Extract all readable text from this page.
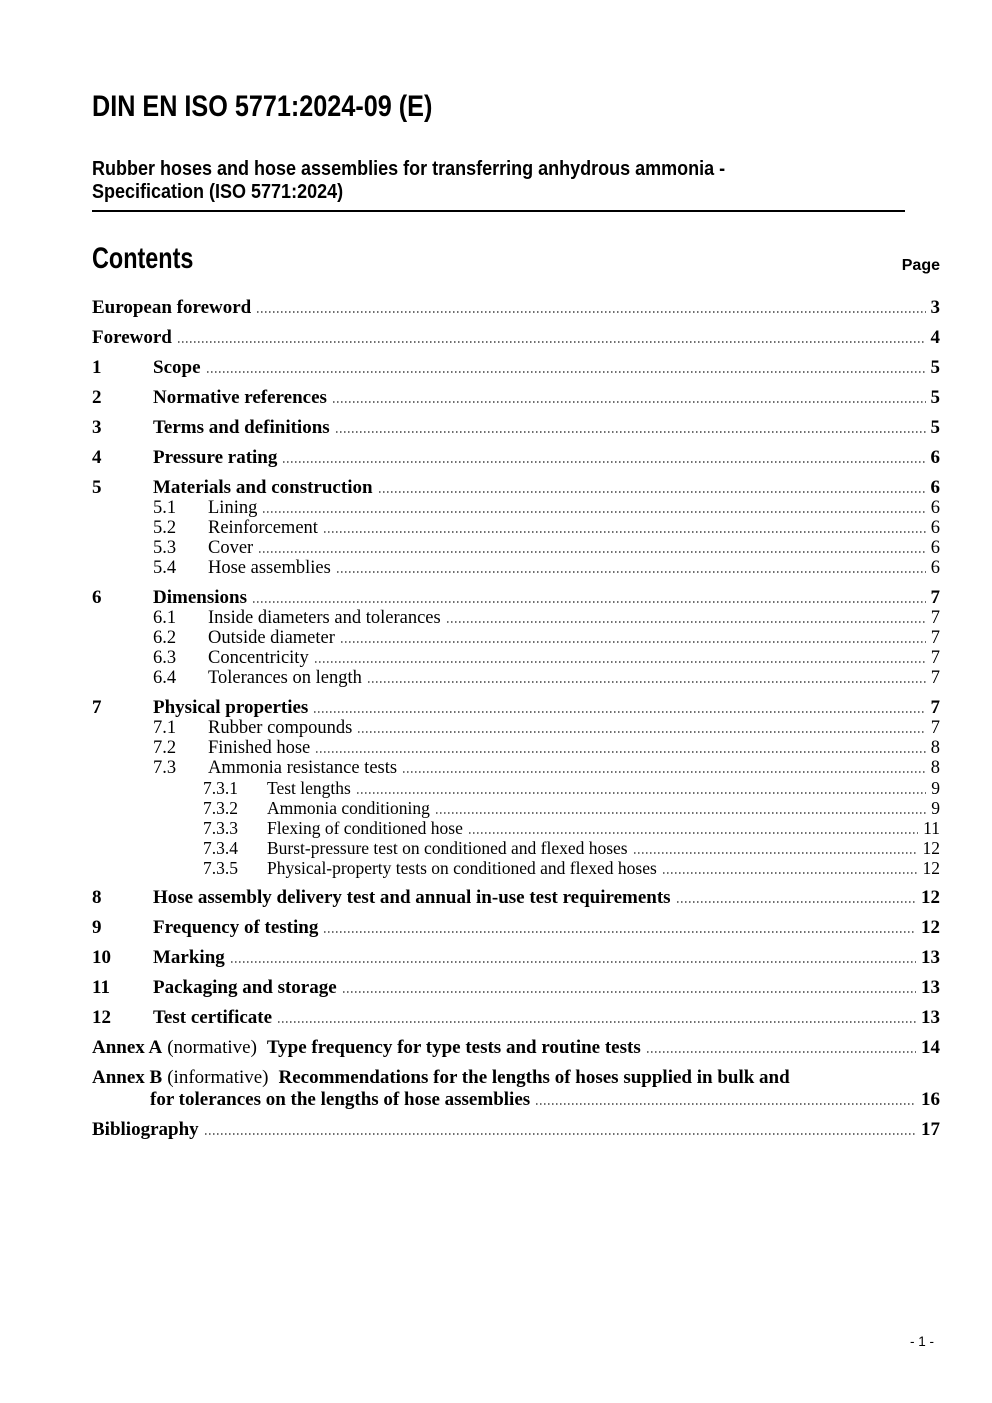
DIN EN ISO 5771:2024-09 (E)
Rubber hoses and hose assemblies for transferring anhydrous ammonia -
Specification (ISO 5771:2024)
Contents	Page
European foreword	3
Foreword	4
1	Scope	5
2	Normative references	5
3	Terms and definitions	5
4	Pressure rating	6
5	Materials and construction	6
5.1	Lining	6
5.2	Reinforcement	6
5.3	Cover	6
5.4	Hose assemblies	6
6	Dimensions	7
6.1	Inside diameters and tolerances	7
6.2	Outside diameter	7
6.3	Concentricity	7
6.4	Tolerances on length	7
7	Physical properties	7
7.1	Rubber compounds	7
7.2	Finished hose	8
7.3	Ammonia resistance tests	8
7.3.1	Test lengths	9
7.3.2	Ammonia conditioning	9
7.3.3	Flexing of conditioned hose	11
7.3.4	Burst-pressure test on conditioned and flexed hoses	12
7.3.5	Physical-property tests on conditioned and flexed hoses	12
8	Hose assembly delivery test and annual in-use test requirements	12
9	Frequency of testing	12
10	Marking	13
11	Packaging and storage	13
12	Test certificate	13
Annex A (normative) Type frequency for type tests and routine tests	14
Annex B (informative) Recommendations for the lengths of hoses supplied in bulk and
for tolerances on the lengths of hose assemblies	16
Bibliography	17
- 1 -
